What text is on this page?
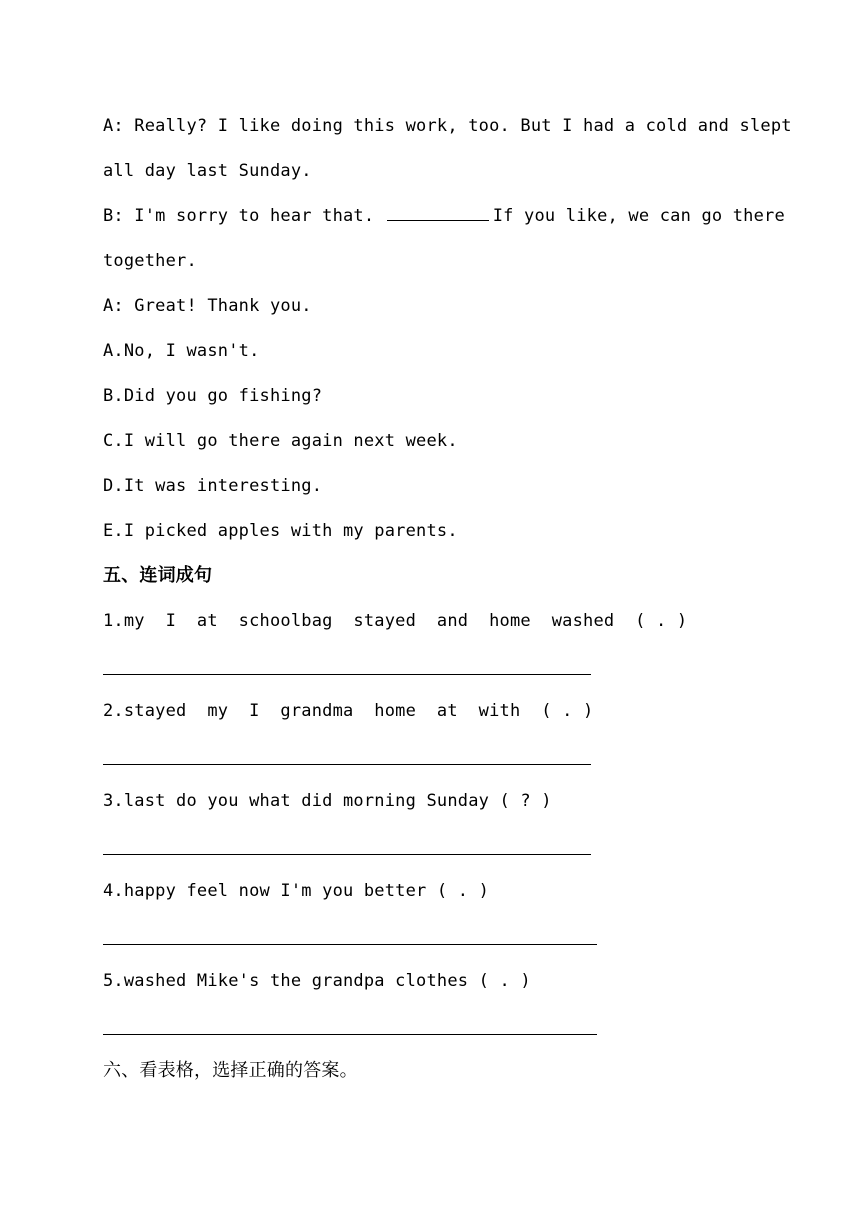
A: Really? I like doing this work, too. But I had a cold and slept
all day last Sunday.
B: I'm sorry to hear that.	If you like, we can go there
together.
A: Great! Thank you.
A.No, I wasn't.
B.Did you go fishing?
C.I will go there again next week.
D.It was interesting.
E.I picked apples with my parents.
五、连词成句
1.my  I  at  schoolbag  stayed  and  home  washed  ( . )
2.stayed  my  I  grandma  home  at  with  ( . )
3.last do you what did morning Sunday ( ? )
4.happy feel now I'm you better ( . )
5.washed Mike's the grandpa clothes ( . )
六、看表格，选择正确的答案。
